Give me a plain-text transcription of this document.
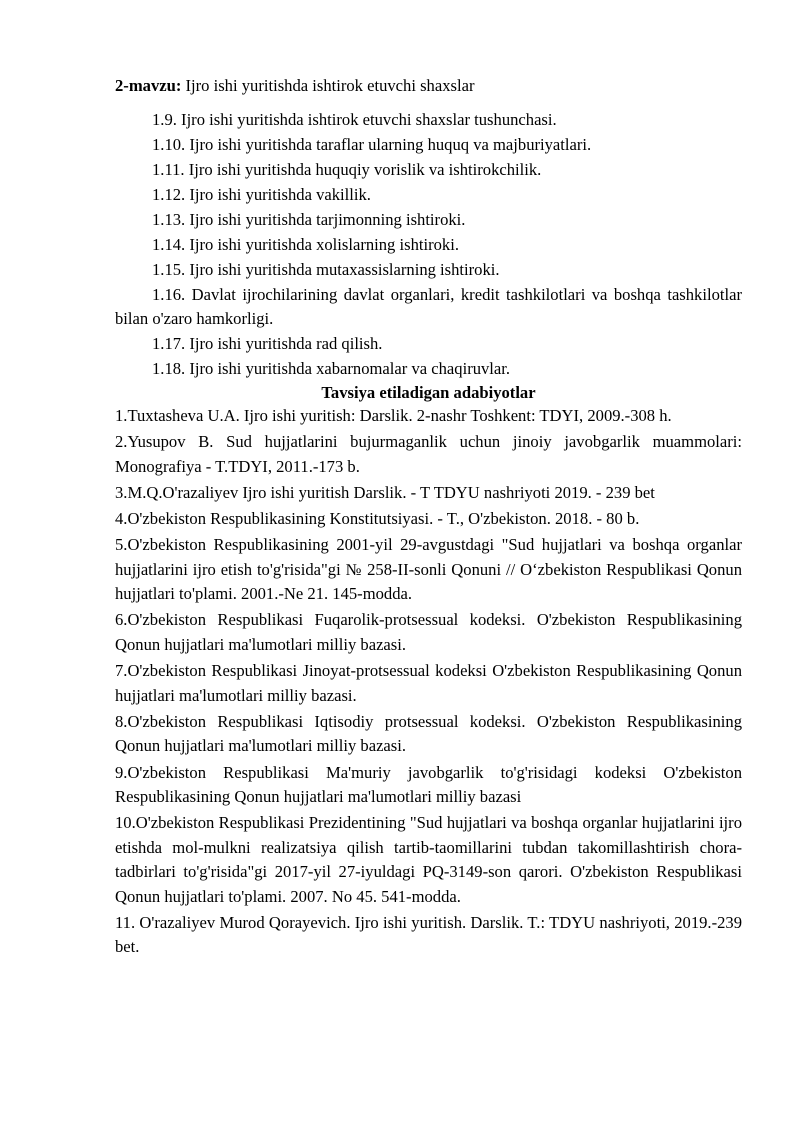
2-mavzu: Ijro ishi yuritishda ishtirok etuvchi shaxslar

1.9. Ijro ishi yuritishda ishtirok etuvchi shaxslar tushunchasi.

1.10. Ijro ishi yuritishda taraflar ularning huquq va majburiyatlari.

1.11. Ijro ishi yuritishda huquqiy vorislik va ishtirokchilik.

1.12. Ijro ishi yuritishda vakillik.

1.13. Ijro ishi yuritishda tarjimonning ishtiroki.

1.14. Ijro ishi yuritishda xolislarning ishtiroki.

1.15. Ijro ishi yuritishda mutaxassislarning ishtiroki.

1.16. Davlat ijrochilarining davlat organlari, kredit tashkilotlari va boshqa tashkilotlar bilan o'zaro hamkorligi.

1.17. Ijro ishi yuritishda rad qilish.

1.18. Ijro ishi yuritishda xabarnomalar va chaqiruvlar.

Tavsiya etiladigan adabiyotlar

1.Tuxtasheva U.A. Ijro ishi yuritish: Darslik. 2-nashr Toshkent: TDYI, 2009.-308 h.

2.Yusupov B. Sud hujjatlarini bujurmaganlik uchun jinoiy javobgarlik muammolari: Monografiya - T.TDYI, 2011.-173 b.

3.M.Q.O'razaliyev Ijro ishi yuritish Darslik. - T TDYU nashriyoti 2019. - 239 bet

4.O'zbekiston Respublikasining Konstitutsiyasi. - T., O'zbekiston. 2018. - 80 b.

5.O'zbekiston Respublikasining 2001-yil 29-avgustdagi "Sud hujjatlari va boshqa organlar hujjatlarini ijro etish to'g'risida"gi № 258-II-sonli Qonuni // O‘zbekiston Respublikasi Qonun hujjatlari to'plami. 2001.-Ne 21. 145-modda.

6.O'zbekiston Respublikasi Fuqarolik-protsessual kodeksi. O'zbekiston Respublikasining Qonun hujjatlari ma'lumotlari milliy bazasi.

7.O'zbekiston Respublikasi Jinoyat-protsessual kodeksi O'zbekiston Respublikasining Qonun hujjatlari ma'lumotlari milliy bazasi.

8.O'zbekiston Respublikasi Iqtisodiy protsessual kodeksi. O'zbekiston Respublikasining Qonun hujjatlari ma'lumotlari milliy bazasi.

9.O'zbekiston Respublikasi Ma'muriy javobgarlik to'g'risidagi kodeksi O'zbekiston Respublikasining Qonun hujjatlari ma'lumotlari milliy bazasi

10.O'zbekiston Respublikasi Prezidentining "Sud hujjatlari va boshqa organlar hujjatlarini ijro etishda mol-mulkni realizatsiya qilish tartib-taomillarini tubdan takomillashtirish chora-tadbirlari to'g'risida"gi 2017-yil 27-iyuldagi PQ-3149-son qarori. O'zbekiston Respublikasi Qonun hujjatlari to'plami. 2007. No 45. 541-modda.

11. O'razaliyev Murod Qorayevich. Ijro ishi yuritish. Darslik. T.: TDYU nashriyoti, 2019.-239 bet.
